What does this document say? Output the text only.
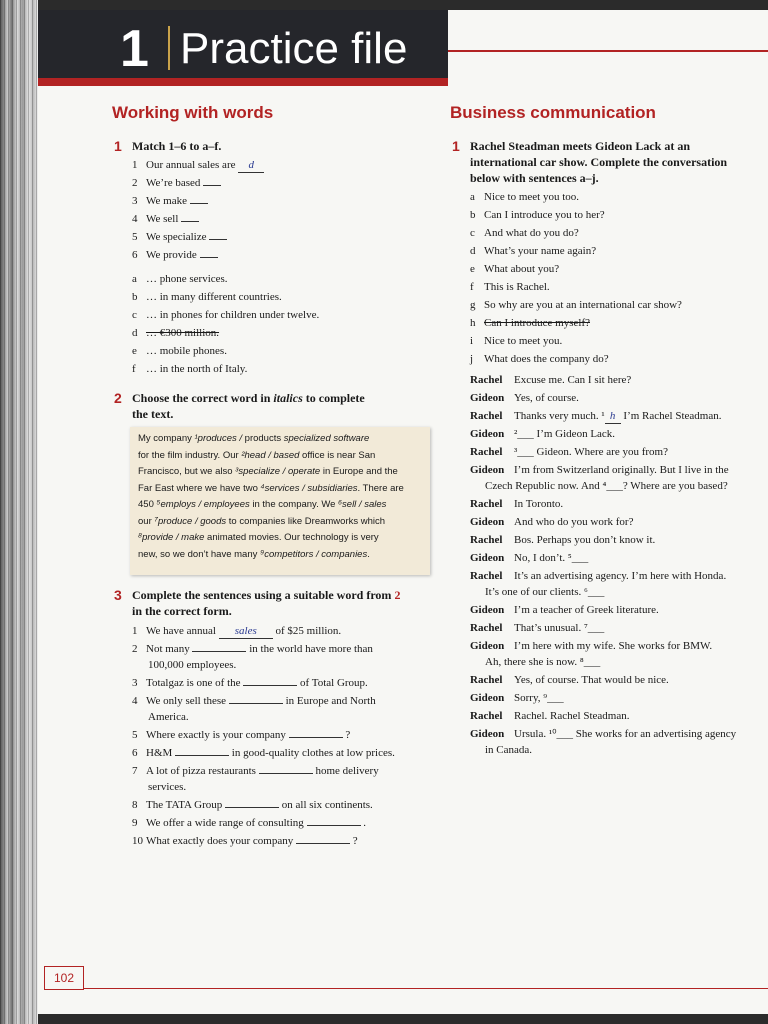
1 Practice file
Working with words
1 Match 1–6 to a–f.
1 Our annual sales are d
2 We’re based
3 We make
4 We sell
5 We specialize
6 We provide
a … phone services.
b … in many different countries.
c … in phones for children under twelve.
d … €300 million.
e … mobile phones.
f … in the north of Italy.
2 Choose the correct word in italics to complete
the text.

My company ¹produces / products specialized software

for the film industry. Our ²head / based office is near San

Francisco, but we also ³specialize / operate in Europe and the

Far East where we have two ⁴services / subsidiaries. There are

450 ⁵employs / employees in the company. We ⁶sell / sales

our ⁷produce / goods to companies like Dreamworks which

⁸provide / make animated movies. Our technology is very

new, so we don’t have many ⁹competitors / companies.

3 Complete the sentences using a suitable word from 2
in the correct form.
1 We have annual sales of $25 million.
2 Not many	in the world have more than
100,000 employees.
3 Totalgaz is one of the	of Total Group.
4 We only sell these	in Europe and North
America.
5 Where exactly is your company	?
6 H&M	in good-quality clothes at low prices.
7 A lot of pizza restaurants	home delivery
services.
8 The TATA Group	on all six continents.
9 We offer a wide range of consulting	.
10 What exactly does your company	?
Business communication
1 Rachel Steadman meets Gideon Lack at an
international car show. Complete the conversation
below with sentences a–j.
a Nice to meet you too.
b Can I introduce you to her?
c And what do you do?
d What’s your name again?
e What about you?
f This is Rachel.
g So why are you at an international car show?
h Can I introduce myself?
i Nice to meet you.
j What does the company do?
Rachel Excuse me. Can I sit here?
Gideon Yes, of course.
Rachel Thanks very much. ¹ h I’m Rachel Steadman.
Gideon ²___ I’m Gideon Lack.
Rachel ³___ Gideon. Where are you from?
Gideon I’m from Switzerland originally. But I live in the
Czech Republic now. And ⁴___? Where are you based?
Rachel In Toronto.
Gideon And who do you work for?
Rachel Bos. Perhaps you don’t know it.
Gideon No, I don’t. ⁵___
Rachel It’s an advertising agency. I’m here with Honda.
It’s one of our clients. ⁶___
Gideon I’m a teacher of Greek literature.
Rachel That’s unusual. ⁷___
Gideon I’m here with my wife. She works for BMW.
Ah, there she is now. ⁸___
Rachel Yes, of course. That would be nice.
Gideon Sorry, ⁹___
Rachel Rachel. Rachel Steadman.
Gideon Ursula. ¹⁰___ She works for an advertising agency
in Canada.
102
